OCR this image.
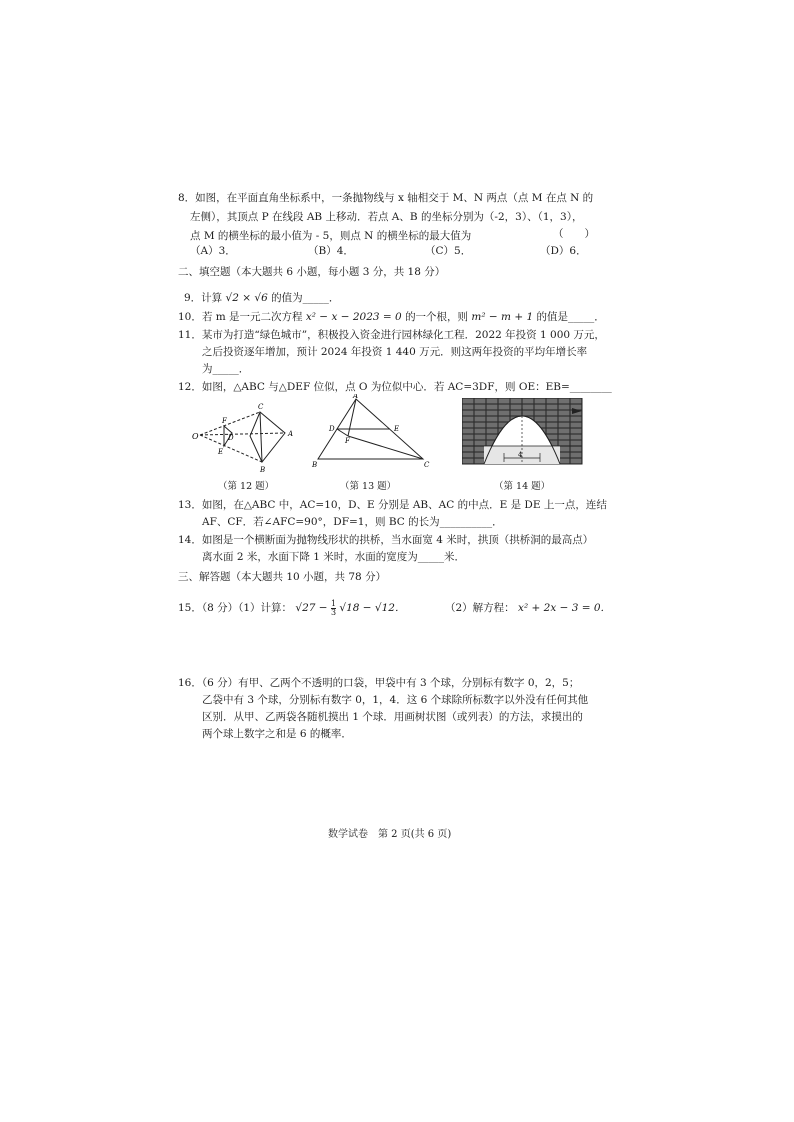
8．如图，在平面直角坐标系中，一条抛物线与 x 轴相交于 M、N 两点（点 M 在点 N 的
左侧），其顶点 P 在线段 AB 上移动．若点 A、B 的坐标分别为（-2，3）、（1，3），
点 M 的横坐标的最小值为 - 5，则点 N 的横坐标的最大值为	（　　）
（A）3．	（B）4．	（C）5．	（D）6．
二、填空题（本大题共 6 小题，每小题 3 分，共 18 分）
9．计算 √2 × √6 的值为_____．
10．若 m 是一元二次方程 x² − x − 2023 = 0 的一个根，则 m² − m + 1 的值是_____．
11．某市为打造“绿色城市”，积极投入资金进行园林绿化工程．2022 年投资 1 000 万元，
之后投资逐年增加，预计 2024 年投资 1 440 万元．则这两年投资的平均年增长率
为_____．
12．如图，△ABC 与△DEF 位似，点 O 为位似中心．若 AC=3DF，则 OE：EB=________
O
F
D
E
C
A
B
（第 12 题）
A
D	E
F
B	C
（第 13 题）
4
（第 14 题）
13．如图，在△ABC 中，AC=10，D、E 分别是 AB、AC 的中点．E 是 DE 上一点，连结
AF、CF．若∠AFC=90°，DF=1，则 BC 的长为__________．
14．如图是一个横断面为抛物线形状的拱桥，当水面宽 4 米时，拱顶（拱桥洞的最高点）
离水面 2 米，水面下降 1 米时，水面的宽度为_____米．
三、解答题（本大题共 10 小题，共 78 分）
15．（8 分）（1）计算： $√27 - \frac{1}{3} √18 - √12$．	（2）解方程： x² + 2x − 3 = 0．
16．（6 分）有甲、乙两个不透明的口袋，甲袋中有 3 个球，分别标有数字 0，2，5；
乙袋中有 3 个球，分别标有数字 0，1，4．这 6 个球除所标数字以外没有任何其他
区别．从甲、乙两袋各随机摸出 1 个球．用画树状图（或列表）的方法，求摸出的
两个球上数字之和是 6 的概率．
数学试卷　第 2 页(共 6 页)
